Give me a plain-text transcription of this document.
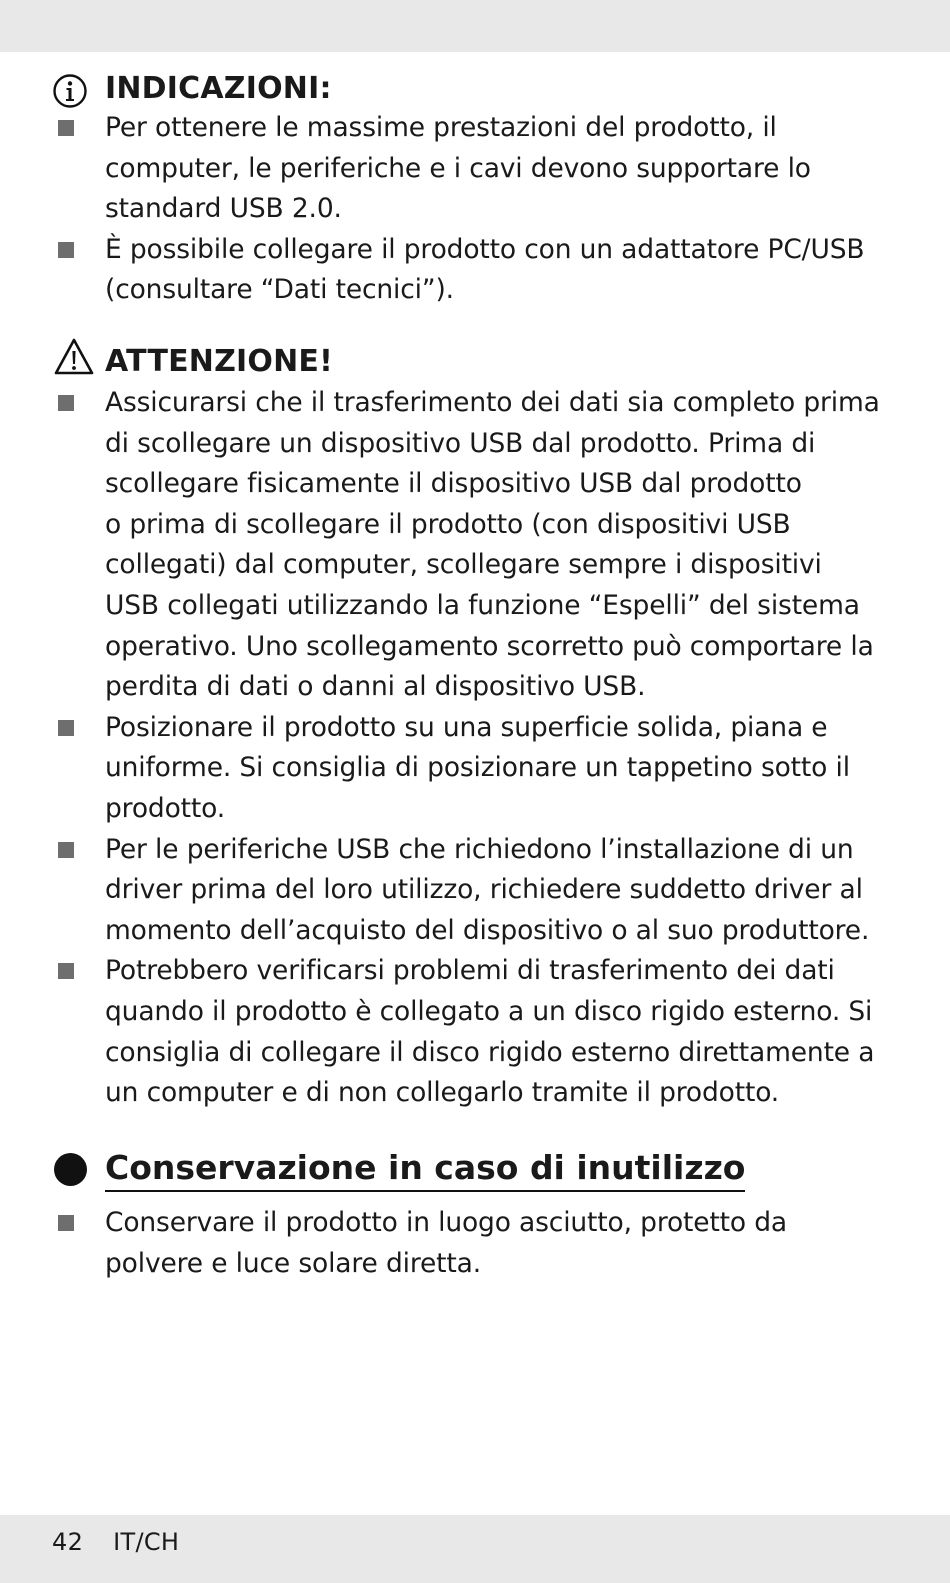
INDICAZIONI:
Per ottenere le massime prestazioni del prodotto, il
computer, le periferiche e i cavi devono supportare lo
standard USB 2.0.
È possibile collegare il prodotto con un adattatore PC/USB
(consultare “Dati tecnici”).
ATTENZIONE!
Assicurarsi che il trasferimento dei dati sia completo prima
di scollegare un dispositivo USB dal prodotto. Prima di
scollegare fisicamente il dispositivo USB dal prodotto
o prima di scollegare il prodotto (con dispositivi USB
collegati) dal computer, scollegare sempre i dispositivi
USB collegati utilizzando la funzione “Espelli” del sistema
operativo. Uno scollegamento scorretto può comportare la
perdita di dati o danni al dispositivo USB.
Posizionare il prodotto su una superficie solida, piana e
uniforme. Si consiglia di posizionare un tappetino sotto il
prodotto.
Per le periferiche USB che richiedono l’installazione di un
driver prima del loro utilizzo, richiedere suddetto driver al
momento dell’acquisto del dispositivo o al suo produttore.
Potrebbero verificarsi problemi di trasferimento dei dati
quando il prodotto è collegato a un disco rigido esterno. Si
consiglia di collegare il disco rigido esterno direttamente a
un computer e di non collegarlo tramite il prodotto.
Conservazione in caso di inutilizzo
Conservare il prodotto in luogo asciutto, protetto da
polvere e luce solare diretta.
42 IT/CH
